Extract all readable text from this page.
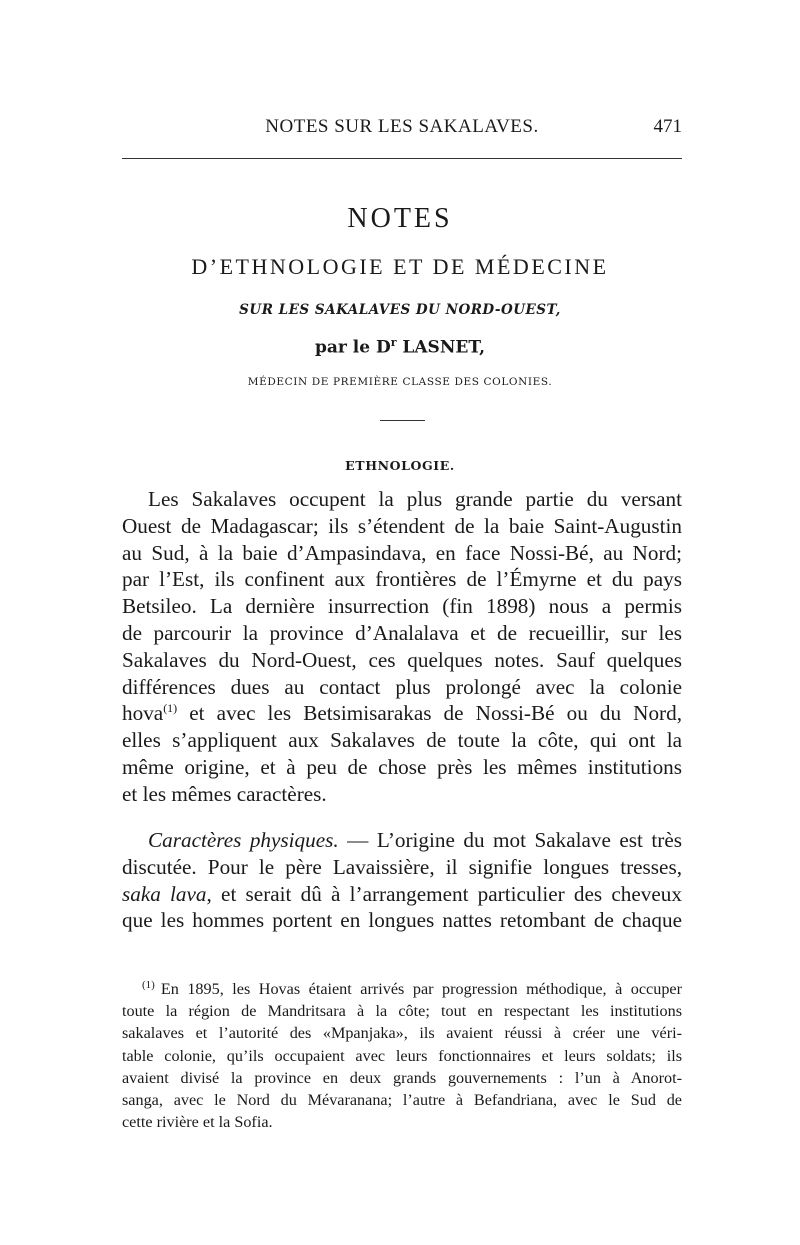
NOTES SUR LES SAKALAVES.	471
NOTES
D’ETHNOLOGIE ET DE MÉDECINE
SUR LES SAKALAVES DU NORD-OUEST,
par le $D^r$ LASNET,
MÉDECIN DE PREMIÈRE CLASSE DES COLONIES.
ETHNOLOGIE.
Les Sakalaves occupent la plus grande partie du versant
Ouest de Madagascar; ils s’étendent de la baie Saint-Augustin
au Sud, à la baie d’Ampasindava, en face Nossi-Bé, au Nord;
par l’Est, ils confinent aux frontières de l’Émyrne et du pays
Betsileo. La dernière insurrection (fin 1898) nous a permis
de parcourir la province d’Analalava et de recueillir, sur les
Sakalaves du Nord-Ouest, ces quelques notes. Sauf quelques
différences dues au contact plus prolongé avec la colonie
hova$^{(1)}$ et avec les Betsimisarakas de Nossi-Bé ou du Nord,
elles s’appliquent aux Sakalaves de toute la côte, qui ont la
même origine, et à peu de chose près les mêmes institutions
et les mêmes caractères.
Caractères physiques. — L’origine du mot Sakalave est très
discutée. Pour le père Lavaissière, il signifie longues tresses,
saka lava, et serait dû à l’arrangement particulier des cheveux
que les hommes portent en longues nattes retombant de chaque
$^{(1)}$ En 1895, les Hovas étaient arrivés par progression méthodique, à occuper
toute la région de Mandritsara à la côte; tout en respectant les institutions
sakalaves et l’autorité des «Mpanjaka», ils avaient réussi à créer une véri-
table colonie, qu’ils occupaient avec leurs fonctionnaires et leurs soldats; ils
avaient divisé la province en deux grands gouvernements : l’un à Anorot-
sanga, avec le Nord du Mévaranana; l’autre à Befandriana, avec le Sud de
cette rivière et la Sofia.
